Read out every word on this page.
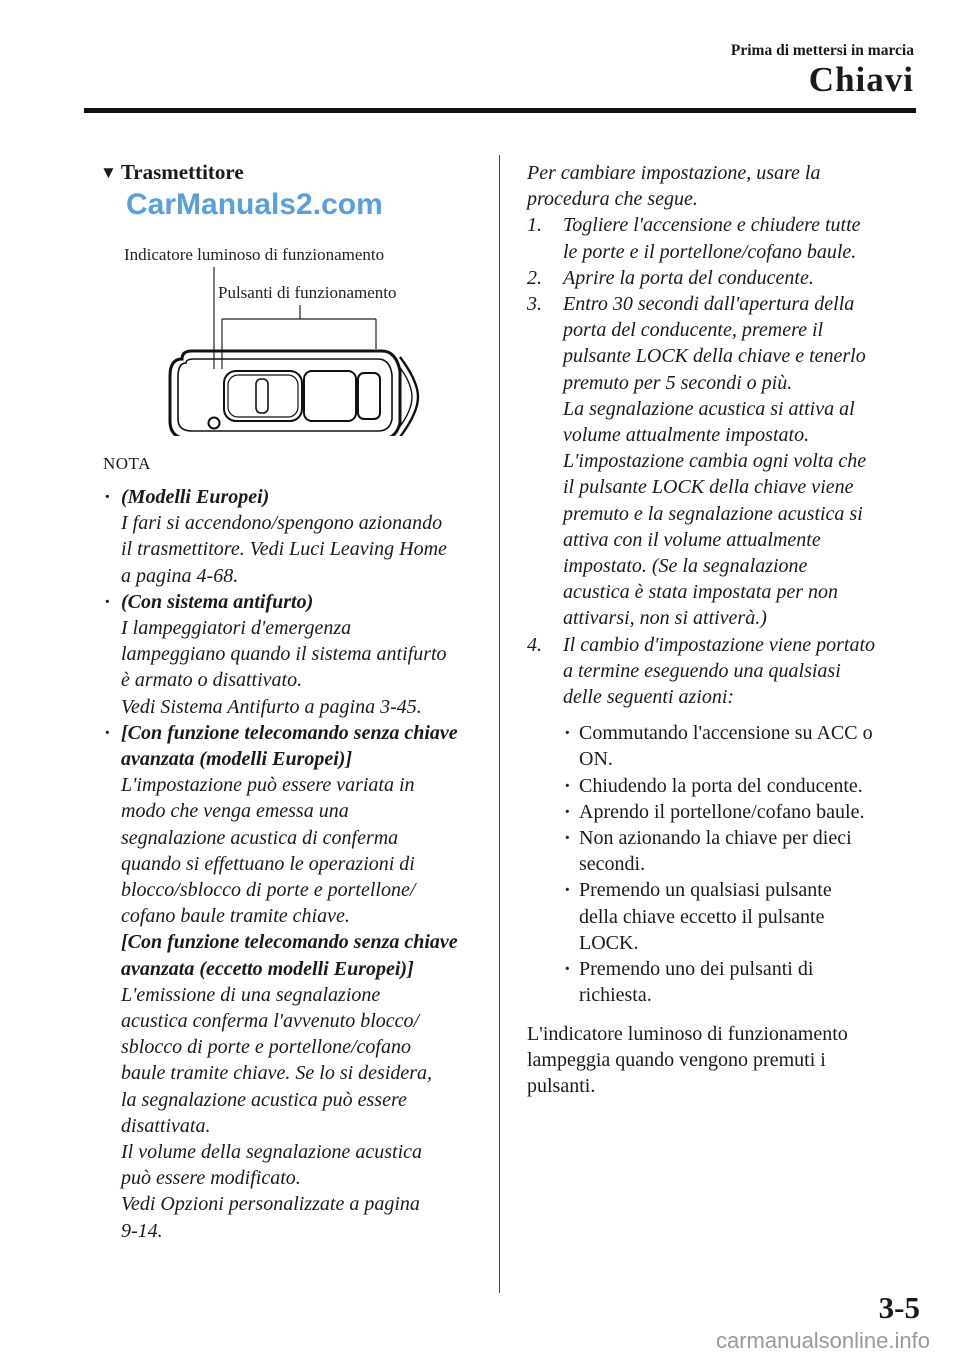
Prima di mettersi in marcia
Chiavi
▼ Trasmettitore
Indicatore luminoso di funzionamento
Pulsanti di funzionamento
NOTA
· (Modelli Europei)
I fari si accendono/spengono azionando
il trasmettitore. Vedi Luci Leaving Home
a pagina 4-68.
· (Con sistema antifurto)
I lampeggiatori d'emergenza
lampeggiano quando il sistema antifurto
è armato o disattivato.
Vedi Sistema Antifurto a pagina 3-45.
· [Con funzione telecomando senza chiave avanzata (modelli Europei)]
L'impostazione può essere variata in
modo che venga emessa una
segnalazione acustica di conferma
quando si effettuano le operazioni di
blocco/sblocco di porte e portellone/
cofano baule tramite chiave.
[Con funzione telecomando senza chiave avanzata (eccetto modelli Europei)]
L'emissione di una segnalazione
acustica conferma l'avvenuto blocco/
sblocco di porte e portellone/cofano
baule tramite chiave. Se lo si desidera,
la segnalazione acustica può essere
disattivata.
Il volume della segnalazione acustica
può essere modificato.
Vedi Opzioni personalizzate a pagina
9-14.
Per cambiare impostazione, usare la
procedura che segue.
1. Togliere l'accensione e chiudere tutte
le porte e il portellone/cofano baule.
2. Aprire la porta del conducente.
3. Entro 30 secondi dall'apertura della
porta del conducente, premere il
pulsante LOCK della chiave e tenerlo
premuto per 5 secondi o più.
La segnalazione acustica si attiva al
volume attualmente impostato.
L'impostazione cambia ogni volta che
il pulsante LOCK della chiave viene
premuto e la segnalazione acustica si
attiva con il volume attualmente
impostato. (Se la segnalazione
acustica è stata impostata per non
attivarsi, non si attiverà.)
4. Il cambio d'impostazione viene portato
a termine eseguendo una qualsiasi
delle seguenti azioni:
· Commutando l'accensione su ACC o
ON.
· Chiudendo la porta del conducente.
· Aprendo il portellone/cofano baule.
· Non azionando la chiave per dieci
secondi.
· Premendo un qualsiasi pulsante
della chiave eccetto il pulsante
LOCK.
· Premendo uno dei pulsanti di
richiesta.
L'indicatore luminoso di funzionamento
lampeggia quando vengono premuti i
pulsanti.
3-5
CarManuals2.com
carmanualsonline.info
